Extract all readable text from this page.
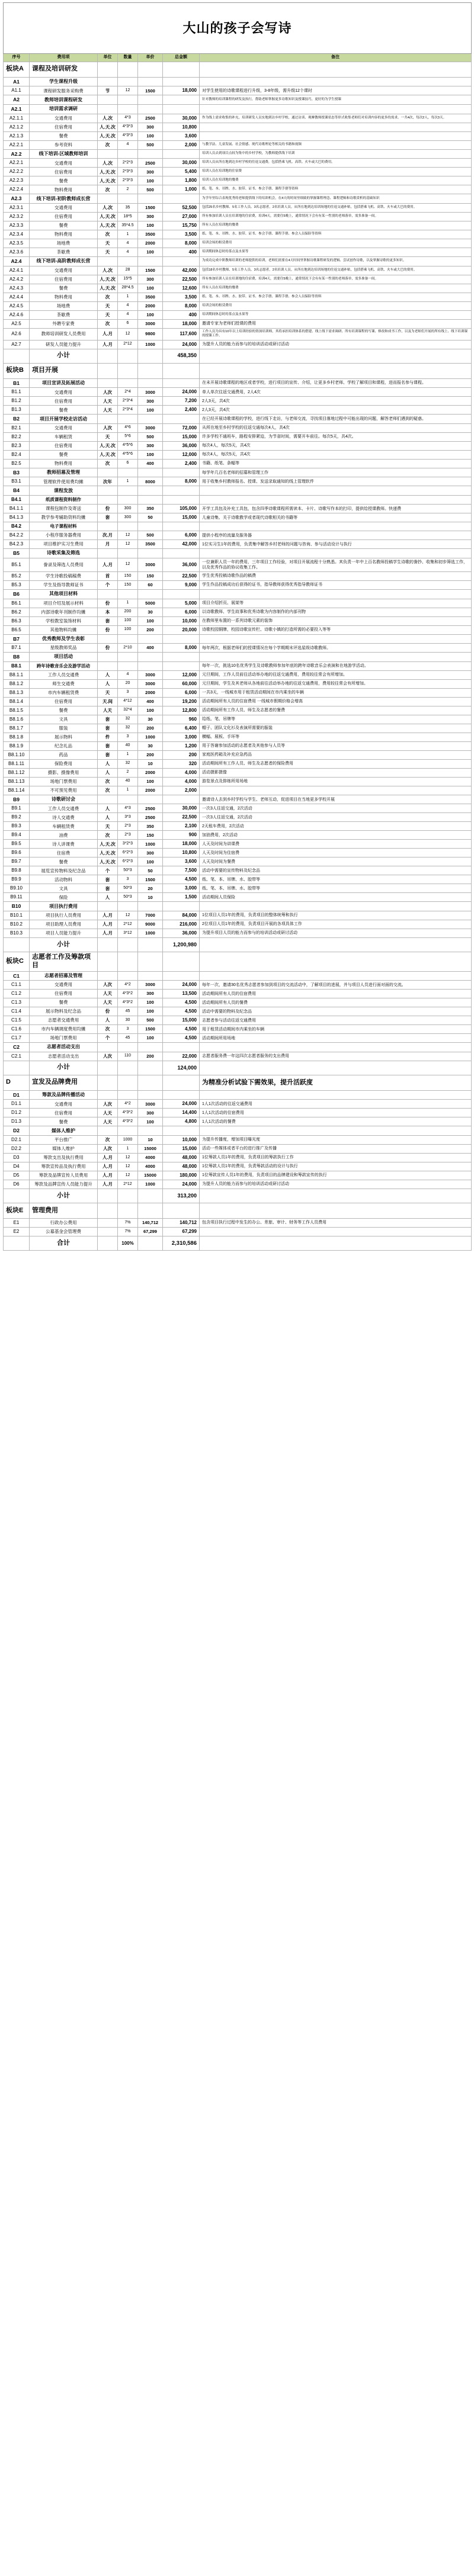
大山的孩子会写诗						
序号	费用项	单位	数量	单价	总金额	备注
板块A	课程及培训研发					
A1	学生课程升级					
A1.1	课程研发服务采购费	节	12	1500	18,000	对学生使用的诗歌课程进行升级，3-8年级，需升级12个课时
A2	教师培训课程研发					针对教师的培训课程的研发及执行，帮助老师掌握更多诗歌知识及授课技巧，更好的为学生授课
A2.1	培训需求调研					
A2.1.1	交通费用	人.次	4*3	2500	30,000	作为线上需求收集的补充，培训研发人员实地到访乡村学校，通过访谈、观摩教师授课状态等形式收集老师们对培训内容的更多的需求。一共4次，每次2人，每次3天。
A2.1.2	住宿费用	人.天.次	4*3*3	300	10,800	
A2.1.3	餐费	人.天.次	4*3*3	100	3,600	
A2.2.1	参考资料	次	4	500	2,000	与教学法、儿童发展、社会情感、现代诗歌理论等相关的书籍和视频
A2.2	线下培训-区域教师培训					培训人员去到项目点较为集中的乡村学校，为教师提供线下培训
A2.2.1	交通费用	人.次	2*2*3	2500	30,000	培训人员从所在地到达乡村学校的往返交通费，包括搭乘飞机、高铁、火车或大巴的费用。
A2.2.2	住宿费用	人.天.次	2*3*3	300	5,400	培训人员在培训地的住宿费
A2.2.3	餐费	人.天.次	2*3*3	100	1,800	培训人员在培训地的餐费
A2.2.4	物料费用	次	2	500	1,000	纸、笔、本、吊牌、水、胶带、证书、参会手册、课程手册等资料
A2.3	线下培训-初阶教师成长营					为学年里综合表现优秀的老师提供线下的培训机会，在4天的时间里细致的掌握课程理念、课程逻辑和诗歌赏析的基础知识
A2.3.1	交通费用	人.次	35	1500	52,500	包括25名乡村教师、5名工作人员、3名志愿者，2名培训人员。从所在地到达培训场地的往返交通补贴，包括搭乘飞机、高铁、火车或大巴的费用。
A2.3.2	住宿费用	人.天.次	18*5	300	27,000	所有参加培训人员在培训地的住宿费，培训4天，需要住5晚上，通常情况下会有有某一性别的老师落单，需多准备一间。
A2.3.3	餐费	人.天.次	35*4.5	100	15,750	所有人员在培训地的餐费
A2.3.4	物料费用	次	1	3500	3,500	纸、笔、本、吊牌、水、胶带、证书、参会手册、课程手册、参会人员保险等资料
A2.3.5	场地费	天	4	2000	8,000	培训会场的租赁费用
A2.3.6	茶歇费	天	4	100	400	培训期间休息时的茶点及水果等
A2.4	线下培训-高阶教师成长营					为成功完成中阶教师培训的老师提供的培训，老师们需要在4天时间里掌握诗歌课程研发的逻辑、尝试创作诗歌，以及掌握诗歌的更多知识。
A2.4.1	交通费用	人.次	28	1500	42,000	包括18名乡村教师、5名工作人员、3名志愿者，2名培训人员。从所在地到达培训场地的往返交通补贴，包括搭乘飞机、高铁、火车或大巴的费用。
A2.4.2	住宿费用	人.天.次	15*5	300	22,500	所有参加培训人员在培训地的住宿费，培训4天，需要住5晚上，通常情况下会有有某一性别的老师落单，需多准备一间。
A2.4.3	餐费	人.天.次	28*4.5	100	12,600	所有人员在培训地的餐费
A2.4.4	物料费用	次	1	3500	3,500	纸、笔、本、吊牌、水、胶带、证书、参会手册、课程手册、参会人员保险等资料
A2.4.5	场地费	天	4	2000	8,000	培训会场的租赁费用
A2.4.6	茶歇费	天	4	100	400	培训期间休息时的茶点及水果等
A2.5	外聘专家费	次	6	3000	18,000	邀请专家为老师们授课的费用
A2.6	教师培训研发人员费用	人.月	12	9800	117,600	工作人员为具有10年以上培训经验的资深培训师，其将承担培训体系的搭建、线上线下需求调研、所有培训课程的写课、修改和成书工作，以及为老师们开展的所有线上、线下培训课的授课工作。
A2.7	研发人员能力提升	人.月	2*12	1000	24,000	为提升人员的能力而参与的培训活动或研讨活动
	小计				458,350	
板块B	项目开展					
B1	项目宣讲及拓展活动					在未开展诗歌课程的地区或者学校，进行项目的宣传、介绍，让更多乡村老师、学校了解项目和课程，进而报名参与课程。
B1.1	交通费用	人次	2*4	3000	24,000	单人单次往返交通费用，2人4次
B1.2	住宿费用	人天	2*3*4	300	7,200	2人3天，共4次
B1.3	餐费	人天	2*3*4	100	2,400	2人3天，共4次
B2	项目开展学校走访活动					在已经开展诗歌课程的学校，进行线下走访，与老师交流，寻找项目落地过程中可能出现的问题，解答老师们遇到的疑惑。
B2.1	交通费用	人次	4*6	3000	72,000	从所在地至乡村学校的往返交通每次4人，共4次
B2.2	车辆租赁	天	5*6	500	15,000	许多学校不通班车，路程安排紧迫，为节省时间，需要开车前往。每次5天，共4次。
B2.3	住宿费用	人.天.次	4*5*6	300	36,000	每次4人，每次5天，共4次
B2.4	餐费	人.天.次	4*5*6	100	12,000	每次4人，每次5天，共4次
B2.5	物料费用	次	6	400	2,400	书籍、纸笔、条幅等
B3	教师招募及管理					每学年几百名老师的招募和管理工作
B3.1	管理软件使用费均摊	次年	1	8000	8,000	用于收集乡村教师报名、授课、发送录取通知的线上管理软件
B4	课程发放					
B4.1	纸质课程资料制作					
B4.1.1	课程包制作及寄送	份	300	350	105,000	开学工具包及补充工具包，包含四季诗歌课程所需读本、卡片、诗歌写作本的打印，提供给授课教师。快递费
B4.1.3	教学参考辅助资料均摊	套	300	50	15,000	儿童诗集、关于诗歌教学或者现代诗歌相关的书籍等
B4.2	电子课程材料					
B4.2.2	小程序服务器费用	次.月	12	500	6,000	提供小程序的流量及服务器
B4.2.3	项目维护实习生费用	月	12	3500	42,000	1位实习生1年的费用，负责集中解答乡村老师的问题与咨询、参与活动设计与执行
B5	诗歌采集及筛选					
B5.1	誊录及筛选人员费用	人.月	12	3000	36,000	一位兼职人员一年的费用，三年项目工作经验，对项目开展流程十分熟悉。其负责一年中上百名教师投稿学生诗歌的誊抄、收集和初步筛选工作，以及优秀作品的协议收集工作。
B5.2	学生诗歌投稿稿费	首	150	150	22,500	学生优秀投稿诗歌作品的稿费
B5.3	学生及指导教师证书	个	150	60	9,000	学生作品投稿成功后获得的证书，指导教师获得优秀指导教师证书
B6	其他项目材料					
B6.1	项目介绍及展示材料	份	1	5000	5,000	项目介绍折页、展架等
B6.2	内部诗歌年刊制作均摊	本	200	30	6,000	以诗歌教师、学生故事和优秀诗歌为内容制作的内部刊物
B6.3	学校教室装饰材料	套	100	100	10,000	在教师里布置的一系列诗歌元素的装饰
B6.5	其他物料均摊	份	100	200	20,000	诗歌校园铜牌，校园诗歌宣传栏、诗歌小镇的打造所需的必要投入等等
B7	优秀教师及学生表彰					
B7.1	星级教师奖品	份	2*10	400	8,000	每年两次，根据老师们的授课情况在每个学期期末评选星级诗歌教师。
B8	项目活动					
B8.1	跨年诗歌音乐会及游学活动					每年一次，挑选10名优秀学生及诗歌教师参加年底的跨年诗歌音乐会表演和在地游学活动。
B8.1.1	工作人员交通费	人	4	3000	12,000	元旦期间，工作人员前往活动举办地的往返交通费用，费用较往常会有所增加。
B8.1.2	师生交通费	人	20	3000	60,000	元旦期间，学生及其老师从各地前往活动举办地的往返交通费用，费用较往常会有所增加。
B8.1.3	市内车辆租赁费	天	3	2000	6,000	一共3天，一线城市用于租赁活动期间在市内乘坐的车辆
B8.1.4	住宿费用	天.间	4*12	400	19,200	活动期间所有人员的住宿费用 一线城市假期价格会增高
B8.1.5	餐费	人天	32*4	100	12,800	活动期间所有工作人员、师生及志愿者的餐费
B8.1.6	文具	套	32	30	960	给纸、笔、吊牌等
B8.1.7	服装	套	32	200	6,400	帽子、团队文化衫及表演所需要的服装
B8.1.8	展示物料	件	3	1000	3,000	横幅、展板、手环等
B8.1.9	纪念礼品	套	40	30	1,200	用于答谢参加活动的志愿者及其他参与人员等
B8.1.10	药品	套	1	200	200	家庭医药箱及补充应急药品
B8.1.11	保险费用	人	32	10	320	活动期间所有工作人员、师生及志愿者的保险费用
B8.1.12	摄影、摄像费用	人	2	2000	4,000	活动摄影摄像
B8.1.13	场地门票费用	次	40	100	4,000	游览景点及排练所用场地
B8.1.14	不可预见费用	次	1	2000	2,000	
B9	诗歌研讨会					邀请诗人去到乡村学校与学生、老师互动，促进项目在当地更多学校开展
B9.1	工作人员交通费	人	4*3	2500	30,000	一次3人往返交通，2次活动
B9.2	诗人交通费	人	3*3	2500	22,500	一次3人往返交通，2次活动
B9.3	车辆租赁费	天	2*3	350	2,100	2天租车费用，2次活动
B9.4	油费	次	2*3	150	900	加油费用，2次活动
B9.5	诗人讲课费	人.天.次	3*2*3	1000	18,000	人天及时间为讲课费
B9.6	住宿费	人.天.次	6*2*3	300	10,800	人天及时间为住宿费
B9.7	餐费	人.天.次	6*2*3	100	3,600	人天及时间为餐费
B9.8	展览宣传物料及纪念品	个	50*3	50	7,500	活动中需要的宣传物料及纪念品
B9.9	活动物料	套	3	1500	4,500	纸、笔、本、吊牌、水、胶带等
B9.10	文具	套	50*3	20	3,000	纸、笔、本、吊牌、水、胶带等
B9.11	保险	人	50*3	10	1,500	活动期间人员保险
B10	项目执行费用					
B10.1	项目执行人员费用	人.月	12	7000	84,000	1位项目人员1年的费用，负责项目的整体统筹和执行
B10.2	项目助理人员费用	人.月	2*12	9000	216,000	2位项目人员1年的费用，负责项目开展的各项具体工作
B10.3	项目人员能力提升	人.月	3*12	1000	36,000	为提升项目人员的能力而参与的培训活动或研讨活动
	小计				1,200,980	
板块C	志愿者工作及筹款项目					
C1	志愿者招募及管理					
C1.1	交通费用	人次	4*2	3000	24,000	每年一次，邀请30名优秀志愿者参加到项目的交流活动中，了解项目的进展，并与项目人员进行面对面的交流。
C1.2	住宿费用	人天	4*3*2	300	13,500	活动期间所有人员的住宿费用
C1.3	餐费	人天	4*3*2	100	4,500	活动期间所有人员的餐费
C1.4	展示物料及纪念品	份	45	100	4,500	活动中需要的物料及纪念品
C1.5	志愿者交通费用	人	30	500	15,000	志愿者参与活动往返交通费用
C1.6	市内车辆调度费用均摊	次	3	1500	4,500	用于租赁活动期间市内乘坐的车辆
C1.7	场地门票费用	个	45	100	4,500	活动期间所用场地
C2	志愿者活动支出					
C2.1	志愿者活动支出	人次	110	200	22,000	志愿者服务费一年这四次志愿者服务的支出费用
	小计				124,000	
D	宣发及品牌费用					为精准分析试验下需效果，提升活跃度
D1	筹款及品牌传播活动					
D1.1	交通费用	人次	4*2	3000	24,000	1人1次活动的往返交通费用
D1.2	住宿费用	人天	4*3*2	300	14,400	1人1次活动的住宿费用
D1.3	餐费	人天	4*3*2	100	4,800	1人1次活动的餐费
D2	媒体人维护					
D2.1	平台推广	次	1000	10	10,000	为提升传播度，增加项目曝光度
D2.2	媒体人维护	人次	1	15000	15,000	活动一些媒体或者平台的进行推广及传播
D3	筹款支出及执行费用	人.月	12	4000	48,000	1位筹款人员1年的费用，负责项目的筹款执行工作
D4	筹款宣传品及执行费用	人.月	12	4000	48,000	1位筹款人员1年的费用，负责筹款活动的设计与执行
D5	筹款及品牌宣传人员费用	人.月	12	15000	180,000	1位筹款宣传人员1年的费用，负责项目的品牌建设和筹款宣传的执行
D6	筹款及品牌宣传人员能力提升	人.月	2*12	1000	24,000	为提升人员的能力而参与的培训活动或研讨活动
	小计				313,200	
板块E	管理费用					
E1	行政办公费用		7%	140,712	140,712	包含项目执行过程中发生的办公、差旅、审计、财务等工作人员费用
E2	公募基金会管理费		7%	67,299	67,299	
	合计		100%		2,310,586	
